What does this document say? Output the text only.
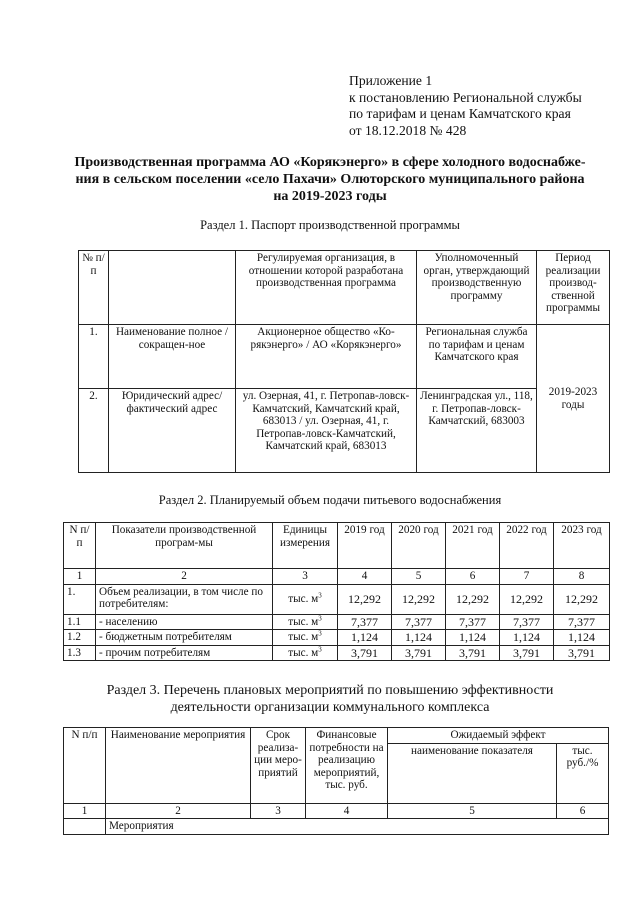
Приложение 1
к постановлению Региональной службы
по тарифам и ценам Камчатского края
от 18.12.2018 № 428
Производственная программа АО «Корякэнерго» в сфере холодного водоснабже-
ния в сельском поселении «село Пахачи» Олюторского муниципального района
на 2019-2023 годы
Раздел 1. Паспорт производственной программы
№ п/п		Регулируемая организация, в отношении которой разработана производственная программа	Уполномоченный орган, утверждающий производственную программу	Период реализации производ-ственной программы
1.	Наименование полное / сокращен-ное	Акционерное общество «Ко-рякэнерго» / АО «Корякэнерго»	Региональная служба по тарифам и ценам Камчатского края	2019-2023 годы
2.	Юридический адрес/фактический адрес	ул. Озерная, 41, г. Петропав-ловск-Камчатский, Камчатский край, 683013 / ул. Озерная, 41, г. Петропав-ловск-Камчатский, Камчатский край, 683013	Ленинградская ул., 118, г. Петропав-ловск-Камчатский, 683003	
Раздел 2. Планируемый объем подачи питьевого водоснабжения
N п/п	Показатели производственной програм-мы	Единицы измерения	2019 год	2020 год	2021 год	2022 год	2023 год
1	2	3	4	5	6	7	8
1.	Объем реализации, в том числе по потребителям:	тыс. $м^3$	12,292	12,292	12,292	12,292	12,292
1.1	- населению	тыс. $м^3$	7,377	7,377	7,377	7,377	7,377
1.2	- бюджетным потребителям	тыс. $м^3$	1,124	1,124	1,124	1,124	1,124
1.3	- прочим потребителям	тыс. $м^3$	3,791	3,791	3,791	3,791	3,791
Раздел 3. Перечень плановых мероприятий по повышению эффективности
деятельности организации коммунального комплекса
N п/п	Наименование мероприятия	Срок реализа-ции меро-приятий	Финансовые потребности на реализацию мероприятий, тыс. руб.	Ожидаемый эффект	
				наименование показателя	тыс. руб./%
1	2	3	4	5	6
	Мероприятия				
